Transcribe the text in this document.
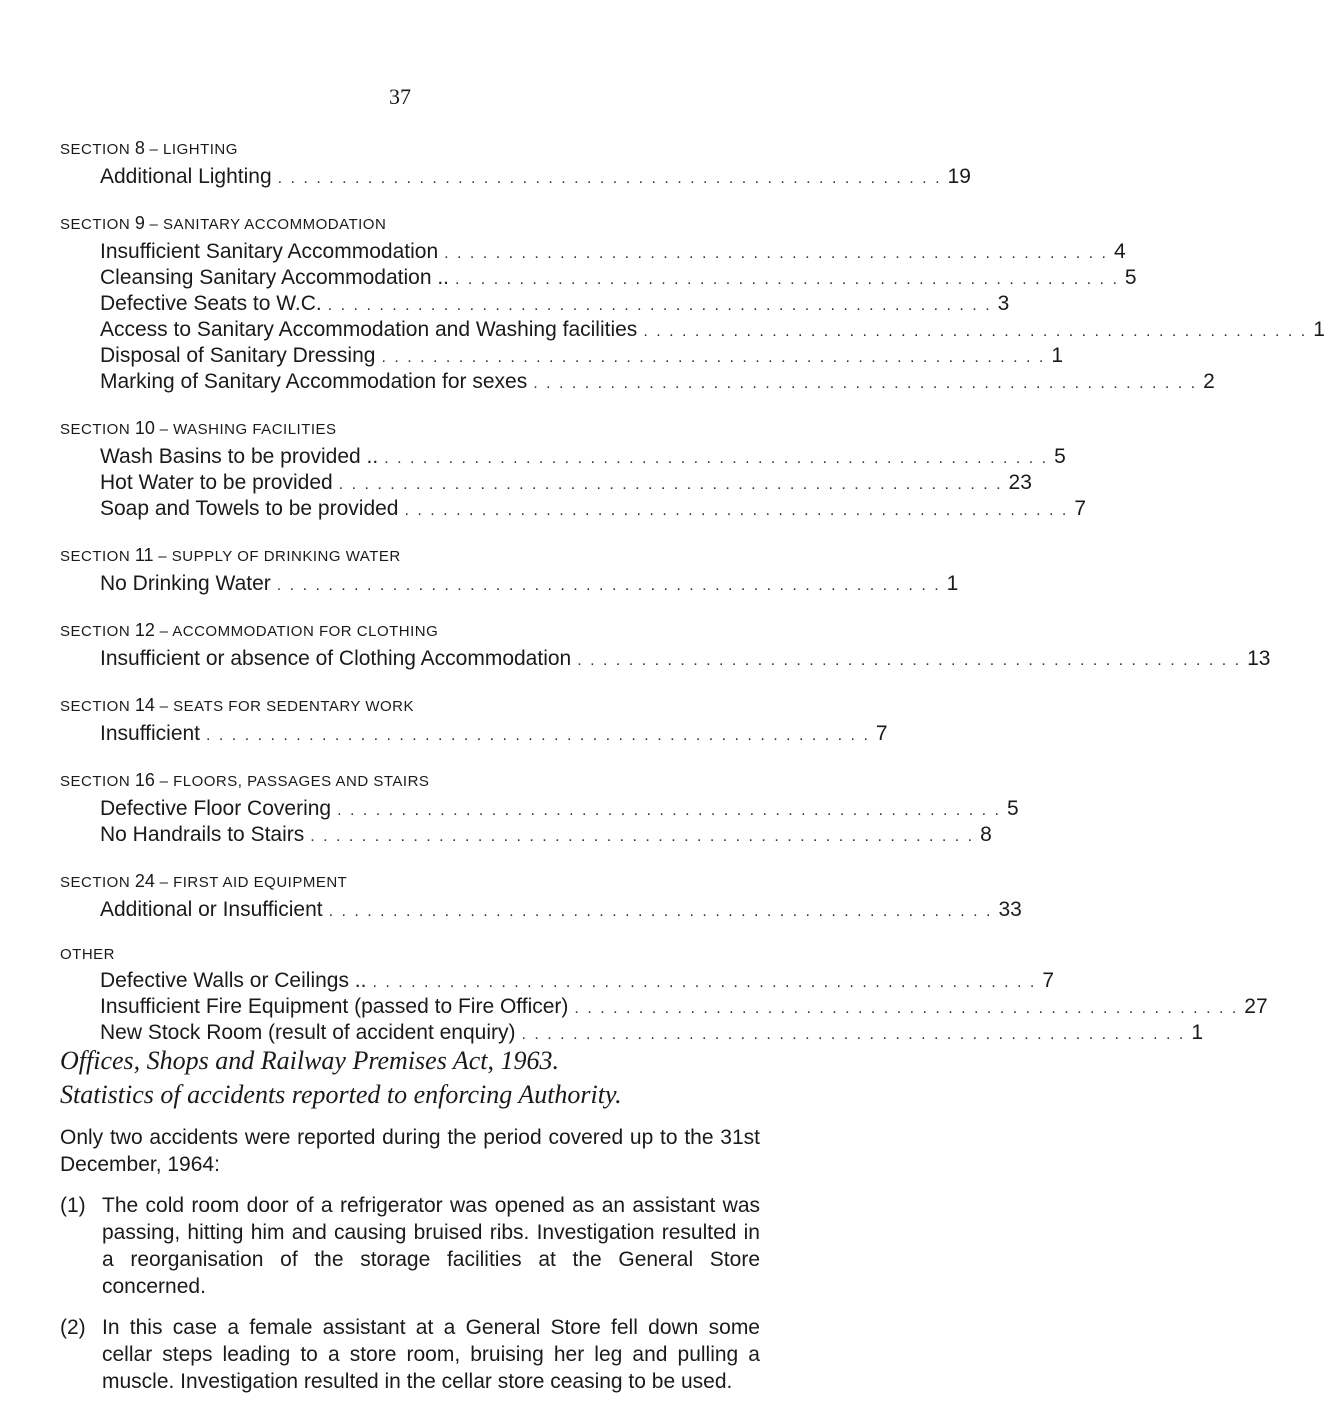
37
SECTION 8 – LIGHTING
Additional Lighting . . . . . . . . . . . . . . . . . . . . . . . . . . . . . . . . . . . . . . . . . . . . . . . . . . . . 19
SECTION 9 – SANITARY ACCOMMODATION
Insufficient Sanitary Accommodation . . . . . . . . . . . . . . . . . . . . . . . . . . . . . . . . . . . . . . . . . . . . . . . . . . . . 4
Cleansing Sanitary Accommodation .. . . . . . . . . . . . . . . . . . . . . . . . . . . . . . . . . . . . . . . . . . . . . . . . . . . . . 5
Defective Seats to W.C. . . . . . . . . . . . . . . . . . . . . . . . . . . . . . . . . . . . . . . . . . . . . . . . . . . . . 3
Access to Sanitary Accommodation and Washing facilities . . . . . . . . . . . . . . . . . . . . . . . . . . . . . . . . . . . . . . . . . . . . . . . . . . . . 1
Disposal of Sanitary Dressing . . . . . . . . . . . . . . . . . . . . . . . . . . . . . . . . . . . . . . . . . . . . . . . . . . . . 1
Marking of Sanitary Accommodation for sexes . . . . . . . . . . . . . . . . . . . . . . . . . . . . . . . . . . . . . . . . . . . . . . . . . . . . 2
SECTION 10 – WASHING FACILITIES
Wash Basins to be provided .. . . . . . . . . . . . . . . . . . . . . . . . . . . . . . . . . . . . . . . . . . . . . . . . . . . . . 5
Hot Water to be provided . . . . . . . . . . . . . . . . . . . . . . . . . . . . . . . . . . . . . . . . . . . . . . . . . . . . 23
Soap and Towels to be provided . . . . . . . . . . . . . . . . . . . . . . . . . . . . . . . . . . . . . . . . . . . . . . . . . . . . 7
SECTION 11 – SUPPLY OF DRINKING WATER
No Drinking Water . . . . . . . . . . . . . . . . . . . . . . . . . . . . . . . . . . . . . . . . . . . . . . . . . . . . 1
SECTION 12 – ACCOMMODATION FOR CLOTHING
Insufficient or absence of Clothing Accommodation . . . . . . . . . . . . . . . . . . . . . . . . . . . . . . . . . . . . . . . . . . . . . . . . . . . . 13
SECTION 14 – SEATS FOR SEDENTARY WORK
Insufficient . . . . . . . . . . . . . . . . . . . . . . . . . . . . . . . . . . . . . . . . . . . . . . . . . . . . 7
SECTION 16 – FLOORS, PASSAGES AND STAIRS
Defective Floor Covering . . . . . . . . . . . . . . . . . . . . . . . . . . . . . . . . . . . . . . . . . . . . . . . . . . . . 5
No Handrails to Stairs . . . . . . . . . . . . . . . . . . . . . . . . . . . . . . . . . . . . . . . . . . . . . . . . . . . . 8
SECTION 24 – FIRST AID EQUIPMENT
Additional or Insufficient . . . . . . . . . . . . . . . . . . . . . . . . . . . . . . . . . . . . . . . . . . . . . . . . . . . . 33
OTHER
Defective Walls or Ceilings .. . . . . . . . . . . . . . . . . . . . . . . . . . . . . . . . . . . . . . . . . . . . . . . . . . . . . 7
Insufficient Fire Equipment (passed to Fire Officer) . . . . . . . . . . . . . . . . . . . . . . . . . . . . . . . . . . . . . . . . . . . . . . . . . . . . 27
New Stock Room (result of accident enquiry) . . . . . . . . . . . . . . . . . . . . . . . . . . . . . . . . . . . . . . . . . . . . . . . . . . . . 1
Offices, Shops and Railway Premises Act, 1963.
Statistics of accidents reported to enforcing Authority.

Only two accidents were reported during the period covered up to the 31st December, 1964:

(1) The cold room door of a refrigerator was opened as an assistant was passing, hitting him and causing bruised ribs. Investigation resulted in a reorganisation of the storage facilities at the General Store concerned.
(2) In this case a female assistant at a General Store fell down some cellar steps leading to a store room, bruising her leg and pulling a muscle. Investigation resulted in the cellar store ceasing to be used.
